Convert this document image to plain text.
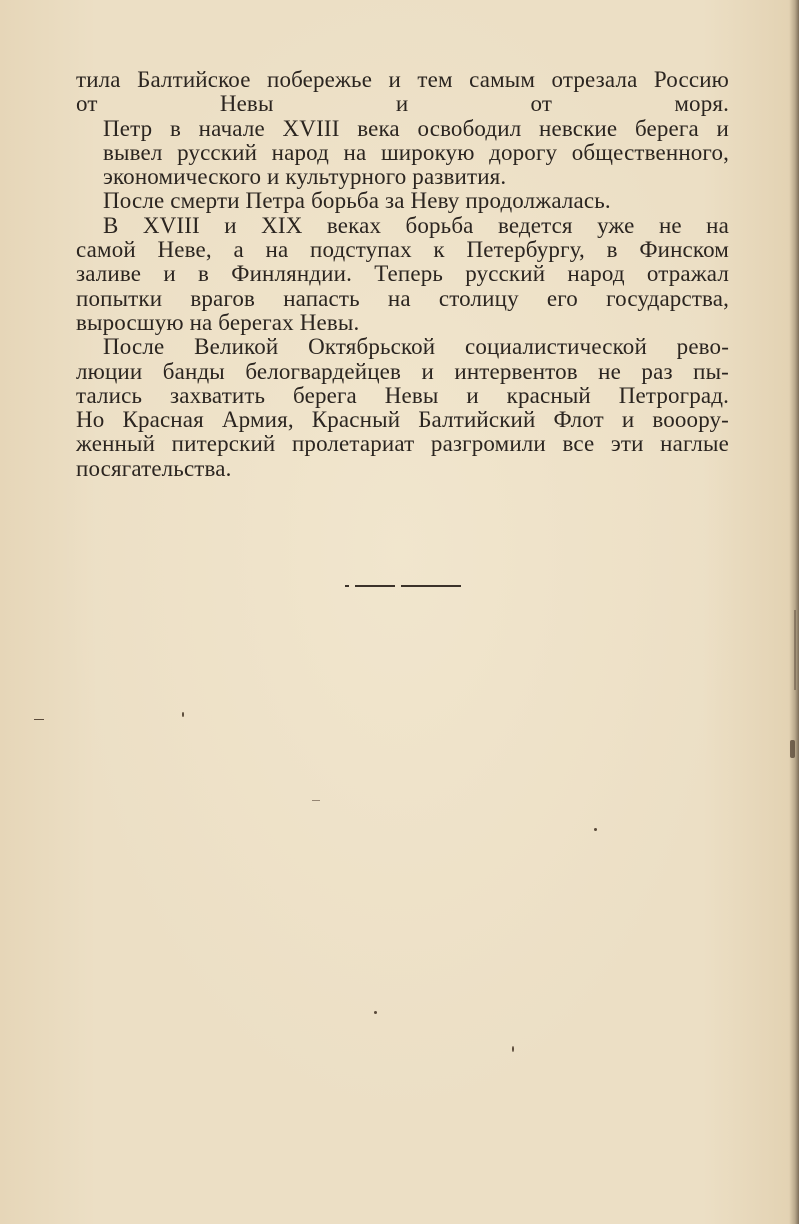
тила Балтийское побережье и тем самым отрезала Россию
от Невы и от моря.

Петр в начале XVIII века освободил невские берега и
вывел русский народ на широкую дорогу общественного,
экономического и культурного развития.

После смерти Петра борьба за Неву продолжалась.

В XVIII и XIX веках борьба ведется уже не на
самой Неве, а на подступах к Петербургу, в Финском
заливе и в Финляндии. Теперь русский народ отражал
попытки врагов напасть на столицу его государства,
выросшую на берегах Невы.

После Великой Октябрьской социалистической рево-
люции банды белогвардейцев и интервентов не раз пы-
тались захватить берега Невы и красный Петроград.
Но Красная Армия, Красный Балтийский Флот и вооору-
женный питерский пролетариат разгромили все эти наглые
посягательства.
